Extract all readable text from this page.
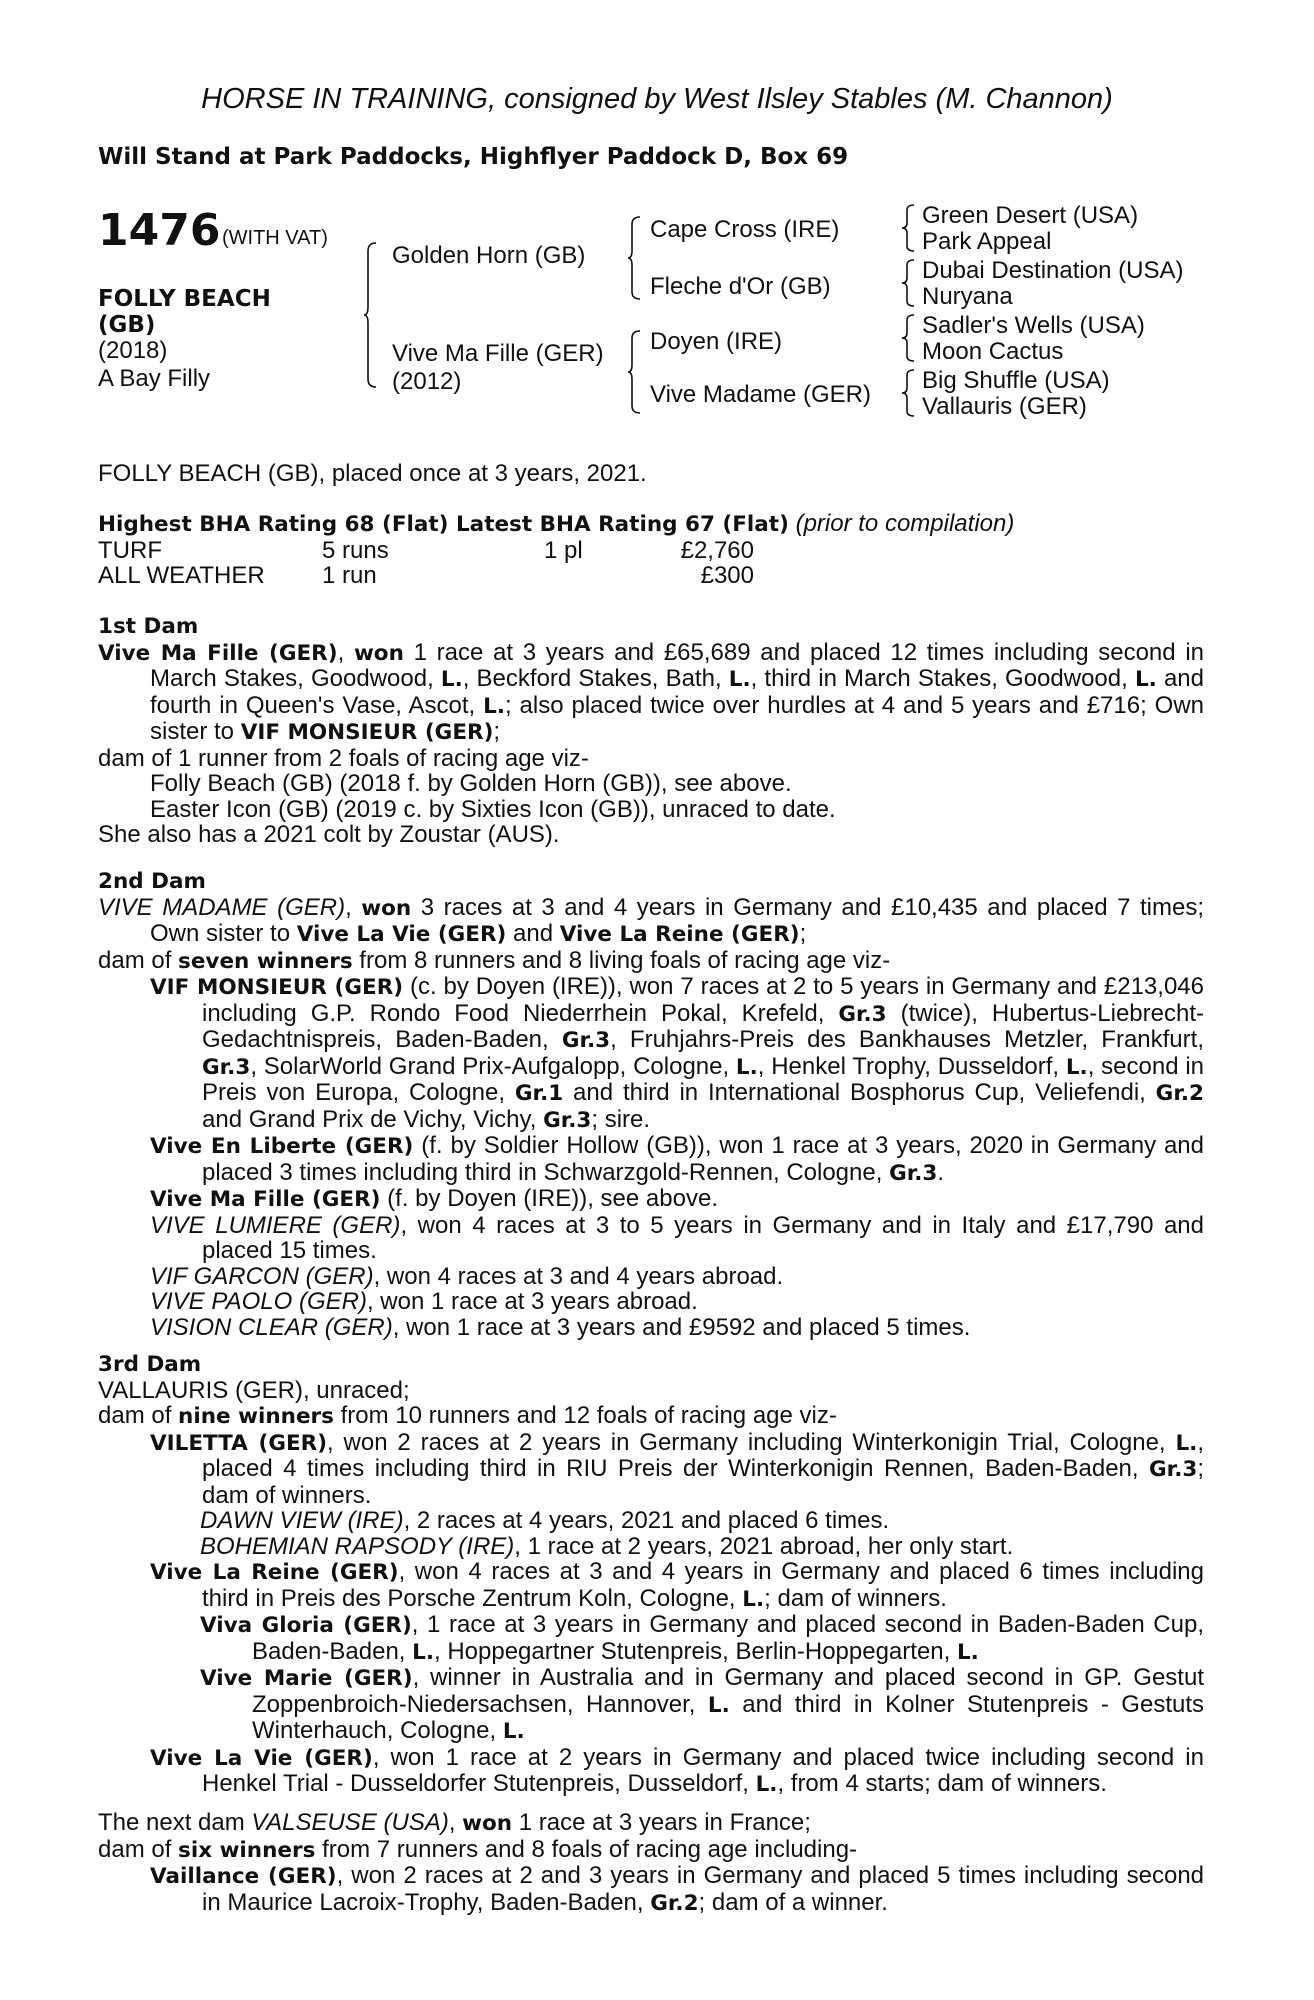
HORSE IN TRAINING, consigned by West Ilsley Stables (M. Channon)
Will Stand at Park Paddocks, Highflyer Paddock D, Box 69
1476 (WITH VAT)
FOLLY BEACH
(GB)
(2018)
A Bay Filly
Golden Horn (GB)
Vive Ma Fille (GER)
(2012)
Cape Cross (IRE)
Fleche d'Or (GB)
Doyen (IRE)
Vive Madame (GER)
Green Desert (USA)
Park Appeal
Dubai Destination (USA)
Nuryana
Sadler's Wells (USA)
Moon Cactus
Big Shuffle (USA)
Vallauris (GER)
FOLLY BEACH (GB), placed once at 3 years, 2021.
Highest BHA Rating 68 (Flat) Latest BHA Rating 67 (Flat) (prior to compilation)
TURF	5 runs	1 pl	£2,760
ALL WEATHER	1 run		£300
1st Dam
Vive Ma Fille (GER), won 1 race at 3 years and £65,689 and placed 12 times including second in March Stakes, Goodwood, L., Beckford Stakes, Bath, L., third in March Stakes, Goodwood, L. and fourth in Queen's Vase, Ascot, L.; also placed twice over hurdles at 4 and 5 years and £716; Own sister to VIF MONSIEUR (GER);
dam of 1 runner from 2 foals of racing age viz-
Folly Beach (GB) (2018 f. by Golden Horn (GB)), see above.
Easter Icon (GB) (2019 c. by Sixties Icon (GB)), unraced to date.
She also has a 2021 colt by Zoustar (AUS).
2nd Dam
VIVE MADAME (GER), won 3 races at 3 and 4 years in Germany and £10,435 and placed 7 times; Own sister to Vive La Vie (GER) and Vive La Reine (GER);
dam of seven winners from 8 runners and 8 living foals of racing age viz-
VIF MONSIEUR (GER) (c. by Doyen (IRE)), won 7 races at 2 to 5 years in Germany and £213,046 including G.P. Rondo Food Niederrhein Pokal, Krefeld, Gr.3 (twice), Hubertus-Liebrecht-Gedachtnispreis, Baden-Baden, Gr.3, Fruhjahrs-Preis des Bankhauses Metzler, Frankfurt, Gr.3, SolarWorld Grand Prix-Aufgalopp, Cologne, L., Henkel Trophy, Dusseldorf, L., second in Preis von Europa, Cologne, Gr.1 and third in International Bosphorus Cup, Veliefendi, Gr.2 and Grand Prix de Vichy, Vichy, Gr.3; sire.
Vive En Liberte (GER) (f. by Soldier Hollow (GB)), won 1 race at 3 years, 2020 in Germany and placed 3 times including third in Schwarzgold-Rennen, Cologne, Gr.3.
Vive Ma Fille (GER) (f. by Doyen (IRE)), see above.
VIVE LUMIERE (GER), won 4 races at 3 to 5 years in Germany and in Italy and £17,790 and placed 15 times.
VIF GARCON (GER), won 4 races at 3 and 4 years abroad.
VIVE PAOLO (GER), won 1 race at 3 years abroad.
VISION CLEAR (GER), won 1 race at 3 years and £9592 and placed 5 times.
3rd Dam
VALLAURIS (GER), unraced;
dam of nine winners from 10 runners and 12 foals of racing age viz-
VILETTA (GER), won 2 races at 2 years in Germany including Winterkonigin Trial, Cologne, L., placed 4 times including third in RIU Preis der Winterkonigin Rennen, Baden-Baden, Gr.3; dam of winners.
DAWN VIEW (IRE), 2 races at 4 years, 2021 and placed 6 times.
BOHEMIAN RAPSODY (IRE), 1 race at 2 years, 2021 abroad, her only start.
Vive La Reine (GER), won 4 races at 3 and 4 years in Germany and placed 6 times including third in Preis des Porsche Zentrum Koln, Cologne, L.; dam of winners.
Viva Gloria (GER), 1 race at 3 years in Germany and placed second in Baden-Baden Cup, Baden-Baden, L., Hoppegartner Stutenpreis, Berlin-Hoppegarten, L.
Vive Marie (GER), winner in Australia and in Germany and placed second in GP. Gestut Zoppenbroich-Niedersachsen, Hannover, L. and third in Kolner Stutenpreis - Gestuts Winterhauch, Cologne, L.
Vive La Vie (GER), won 1 race at 2 years in Germany and placed twice including second in Henkel Trial - Dusseldorfer Stutenpreis, Dusseldorf, L., from 4 starts; dam of winners.
The next dam VALSEUSE (USA), won 1 race at 3 years in France;
dam of six winners from 7 runners and 8 foals of racing age including-
Vaillance (GER), won 2 races at 2 and 3 years in Germany and placed 5 times including second in Maurice Lacroix-Trophy, Baden-Baden, Gr.2; dam of a winner.
